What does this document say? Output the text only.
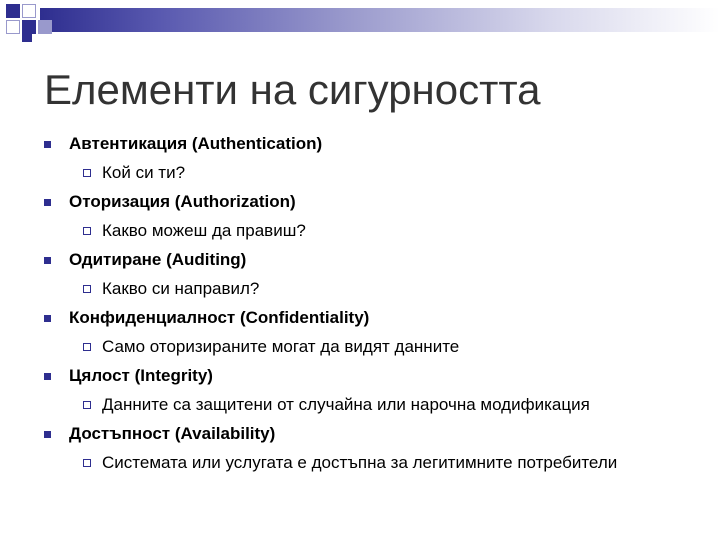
Елементи на сигурността
Автентикация (Authentication)
Кой си ти?
Оторизация (Authorization)
Какво можеш да правиш?
Одитиране (Auditing)
Какво си направил?
Конфиденциалност (Confidentiality)
Само оторизираните могат да видят данните
Цялост (Integrity)
Данните са защитени от случайна или нарочна модификация
Достъпност (Availability)
Системата или услугата е достъпна за легитимните потребители
